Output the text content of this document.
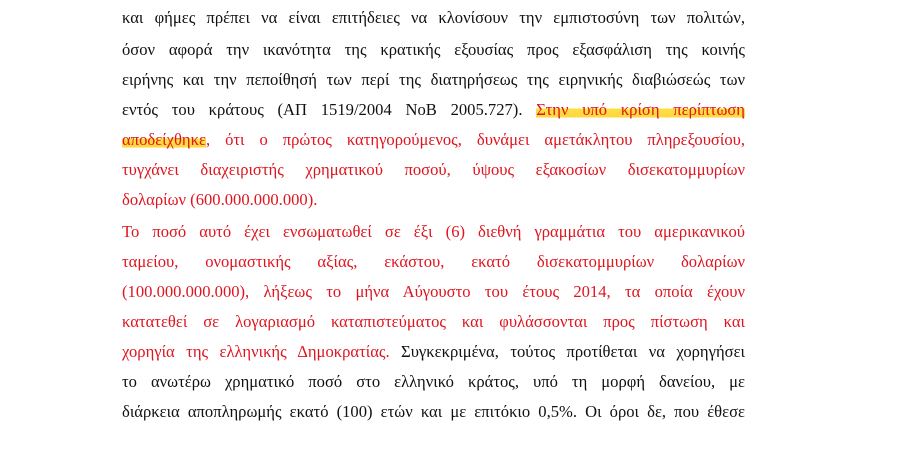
και φήμες πρέπει να είναι επιτήδειες να κλονίσουν την εμπιστοσύνη των πολιτών,
όσον αφορά την ικανότητα της κρατικής εξουσίας προς εξασφάλιση της κοινής
ειρήνης και την πεποίθησή των περί της διατηρήσεως της ειρηνικής διαβιώσεώς των
εντός του κράτους (ΑΠ 1519/2004 ΝοΒ 2005.727). Στην υπό κρίση περίπτωση
αποδείχθηκε, ότι ο πρώτος κατηγορούμενος, δυνάμει αμετάκλητου πληρεξουσίου,
τυγχάνει διαχειριστής χρηματικού ποσού, ύψους εξακοσίων δισεκατομμυρίων
δολαρίων (600.000.000.000).
Το ποσό αυτό έχει ενσωματωθεί σε έξι (6) διεθνή γραμμάτια του αμερικανικού
ταμείου, ονομαστικής αξίας, εκάστου, εκατό δισεκατομμυρίων δολαρίων
(100.000.000.000), λήξεως το μήνα Αύγουστο του έτους 2014, τα οποία έχουν
κατατεθεί σε λογαριασμό καταπιστεύματος και φυλάσσονται προς πίστωση και
χορηγία της ελληνικής Δημοκρατίας. Συγκεκριμένα, τούτος προτίθεται να χορηγήσει
το ανωτέρω χρηματικό ποσό στο ελληνικό κράτος, υπό τη μορφή δανείου, με
διάρκεια αποπληρωμής εκατό (100) ετών και με επιτόκιο 0,5%. Οι όροι δε, που έθεσε
